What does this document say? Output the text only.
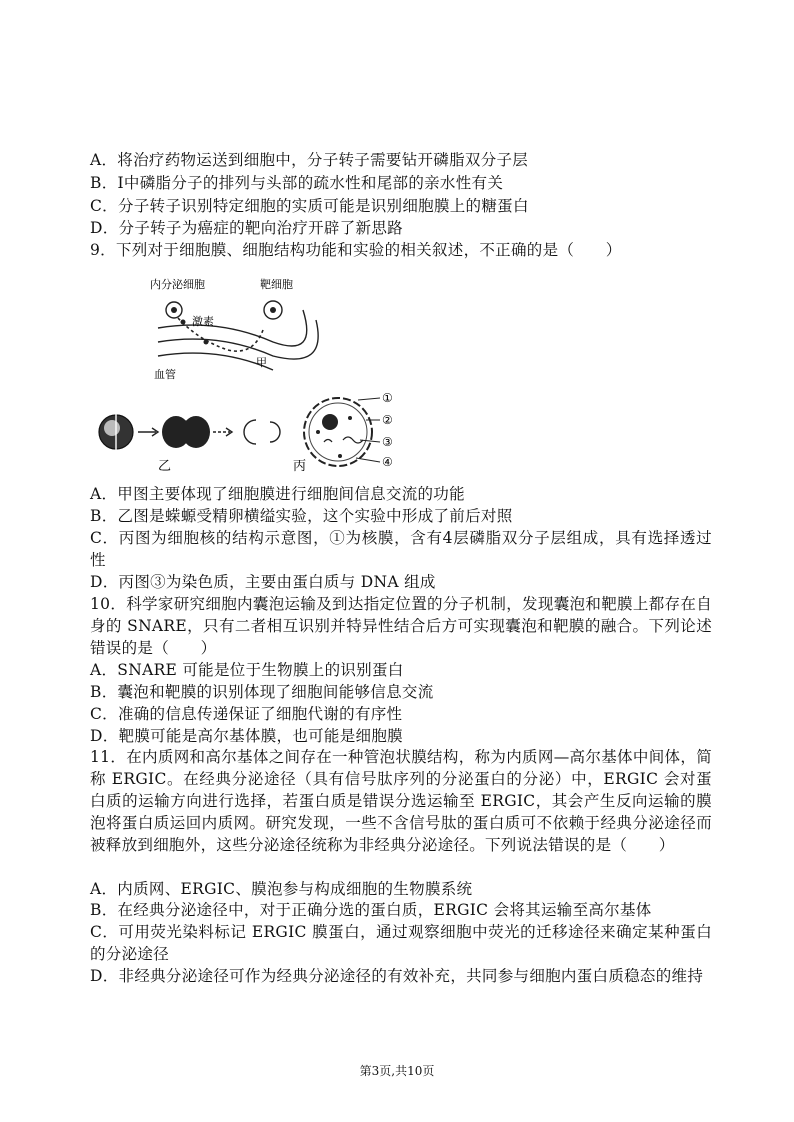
A．将治疗药物运送到细胞中，分子转子需要钻开磷脂双分子层
B．Ⅰ中磷脂分子的排列与头部的疏水性和尾部的亲水性有关
C．分子转子识别特定细胞的实质可能是识别细胞膜上的糖蛋白
D．分子转子为癌症的靶向治疗开辟了新思路
9．下列对于细胞膜、细胞结构功能和实验的相关叙述，不正确的是（　　）
内分泌细胞	靶细胞
激素
血管
甲
乙
①
②
③
④
丙
A．甲图主要体现了细胞膜进行细胞间信息交流的功能
B．乙图是蝾螈受精卵横缢实验，这个实验中形成了前后对照
C．丙图为细胞核的结构示意图，①为核膜，含有4层磷脂双分子层组成，具有选择透过性
D．丙图③为染色质，主要由蛋白质与 DNA 组成
10．科学家研究细胞内囊泡运输及到达指定位置的分子机制，发现囊泡和靶膜上都存在自身的 SNARE，只有二者相互识别并特异性结合后方可实现囊泡和靶膜的融合。下列论述错误的是（　　）
A．SNARE 可能是位于生物膜上的识别蛋白
B．囊泡和靶膜的识别体现了细胞间能够信息交流
C．准确的信息传递保证了细胞代谢的有序性
D．靶膜可能是高尔基体膜，也可能是细胞膜
11．在内质网和高尔基体之间存在一种管泡状膜结构，称为内质网—高尔基体中间体，简称 ERGIC。在经典分泌途径（具有信号肽序列的分泌蛋白的分泌）中，ERGIC 会对蛋白质的运输方向进行选择，若蛋白质是错误分选运输至 ERGIC，其会产生反向运输的膜泡将蛋白质运回内质网。研究发现，一些不含信号肽的蛋白质可不依赖于经典分泌途径而被释放到细胞外，这些分泌途径统称为非经典分泌途径。下列说法错误的是（　　）
A．内质网、ERGIC、膜泡参与构成细胞的生物膜系统
B．在经典分泌途径中，对于正确分选的蛋白质，ERGIC 会将其运输至高尔基体
C．可用荧光染料标记 ERGIC 膜蛋白，通过观察细胞中荧光的迁移途径来确定某种蛋白的分泌途径
D．非经典分泌途径可作为经典分泌途径的有效补充，共同参与细胞内蛋白质稳态的维持
第3页,共10页
